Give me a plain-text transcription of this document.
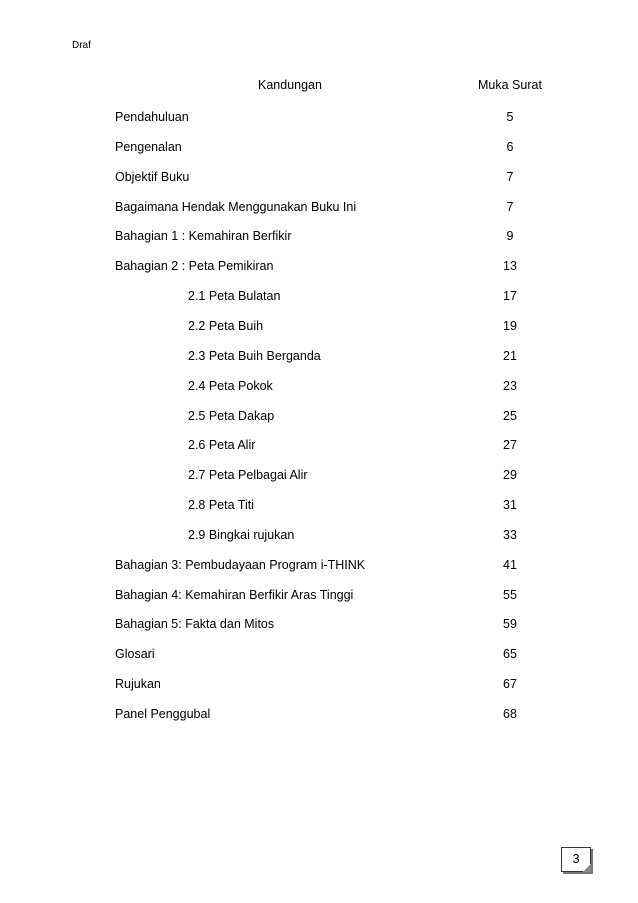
Draf
Kandungan	Muka Surat
Pendahuluan	5
Pengenalan	6
Objektif Buku	7
Bagaimana Hendak Menggunakan Buku Ini	7
Bahagian 1 : Kemahiran Berfikir	9
Bahagian 2 : Peta Pemikiran	13
2.1 Peta Bulatan	17
2.2 Peta Buih	19
2.3 Peta Buih Berganda	21
2.4 Peta Pokok	23
2.5 Peta Dakap	25
2.6 Peta Alir	27
2.7 Peta Pelbagai Alir	29
2.8 Peta Titi	31
2.9 Bingkai rujukan	33
Bahagian 3: Pembudayaan Program i-THINK	41
Bahagian 4: Kemahiran Berfikir Aras Tinggi	55
Bahagian 5: Fakta dan Mitos	59
Glosari	65
Rujukan	67
Panel Penggubal	68
3
